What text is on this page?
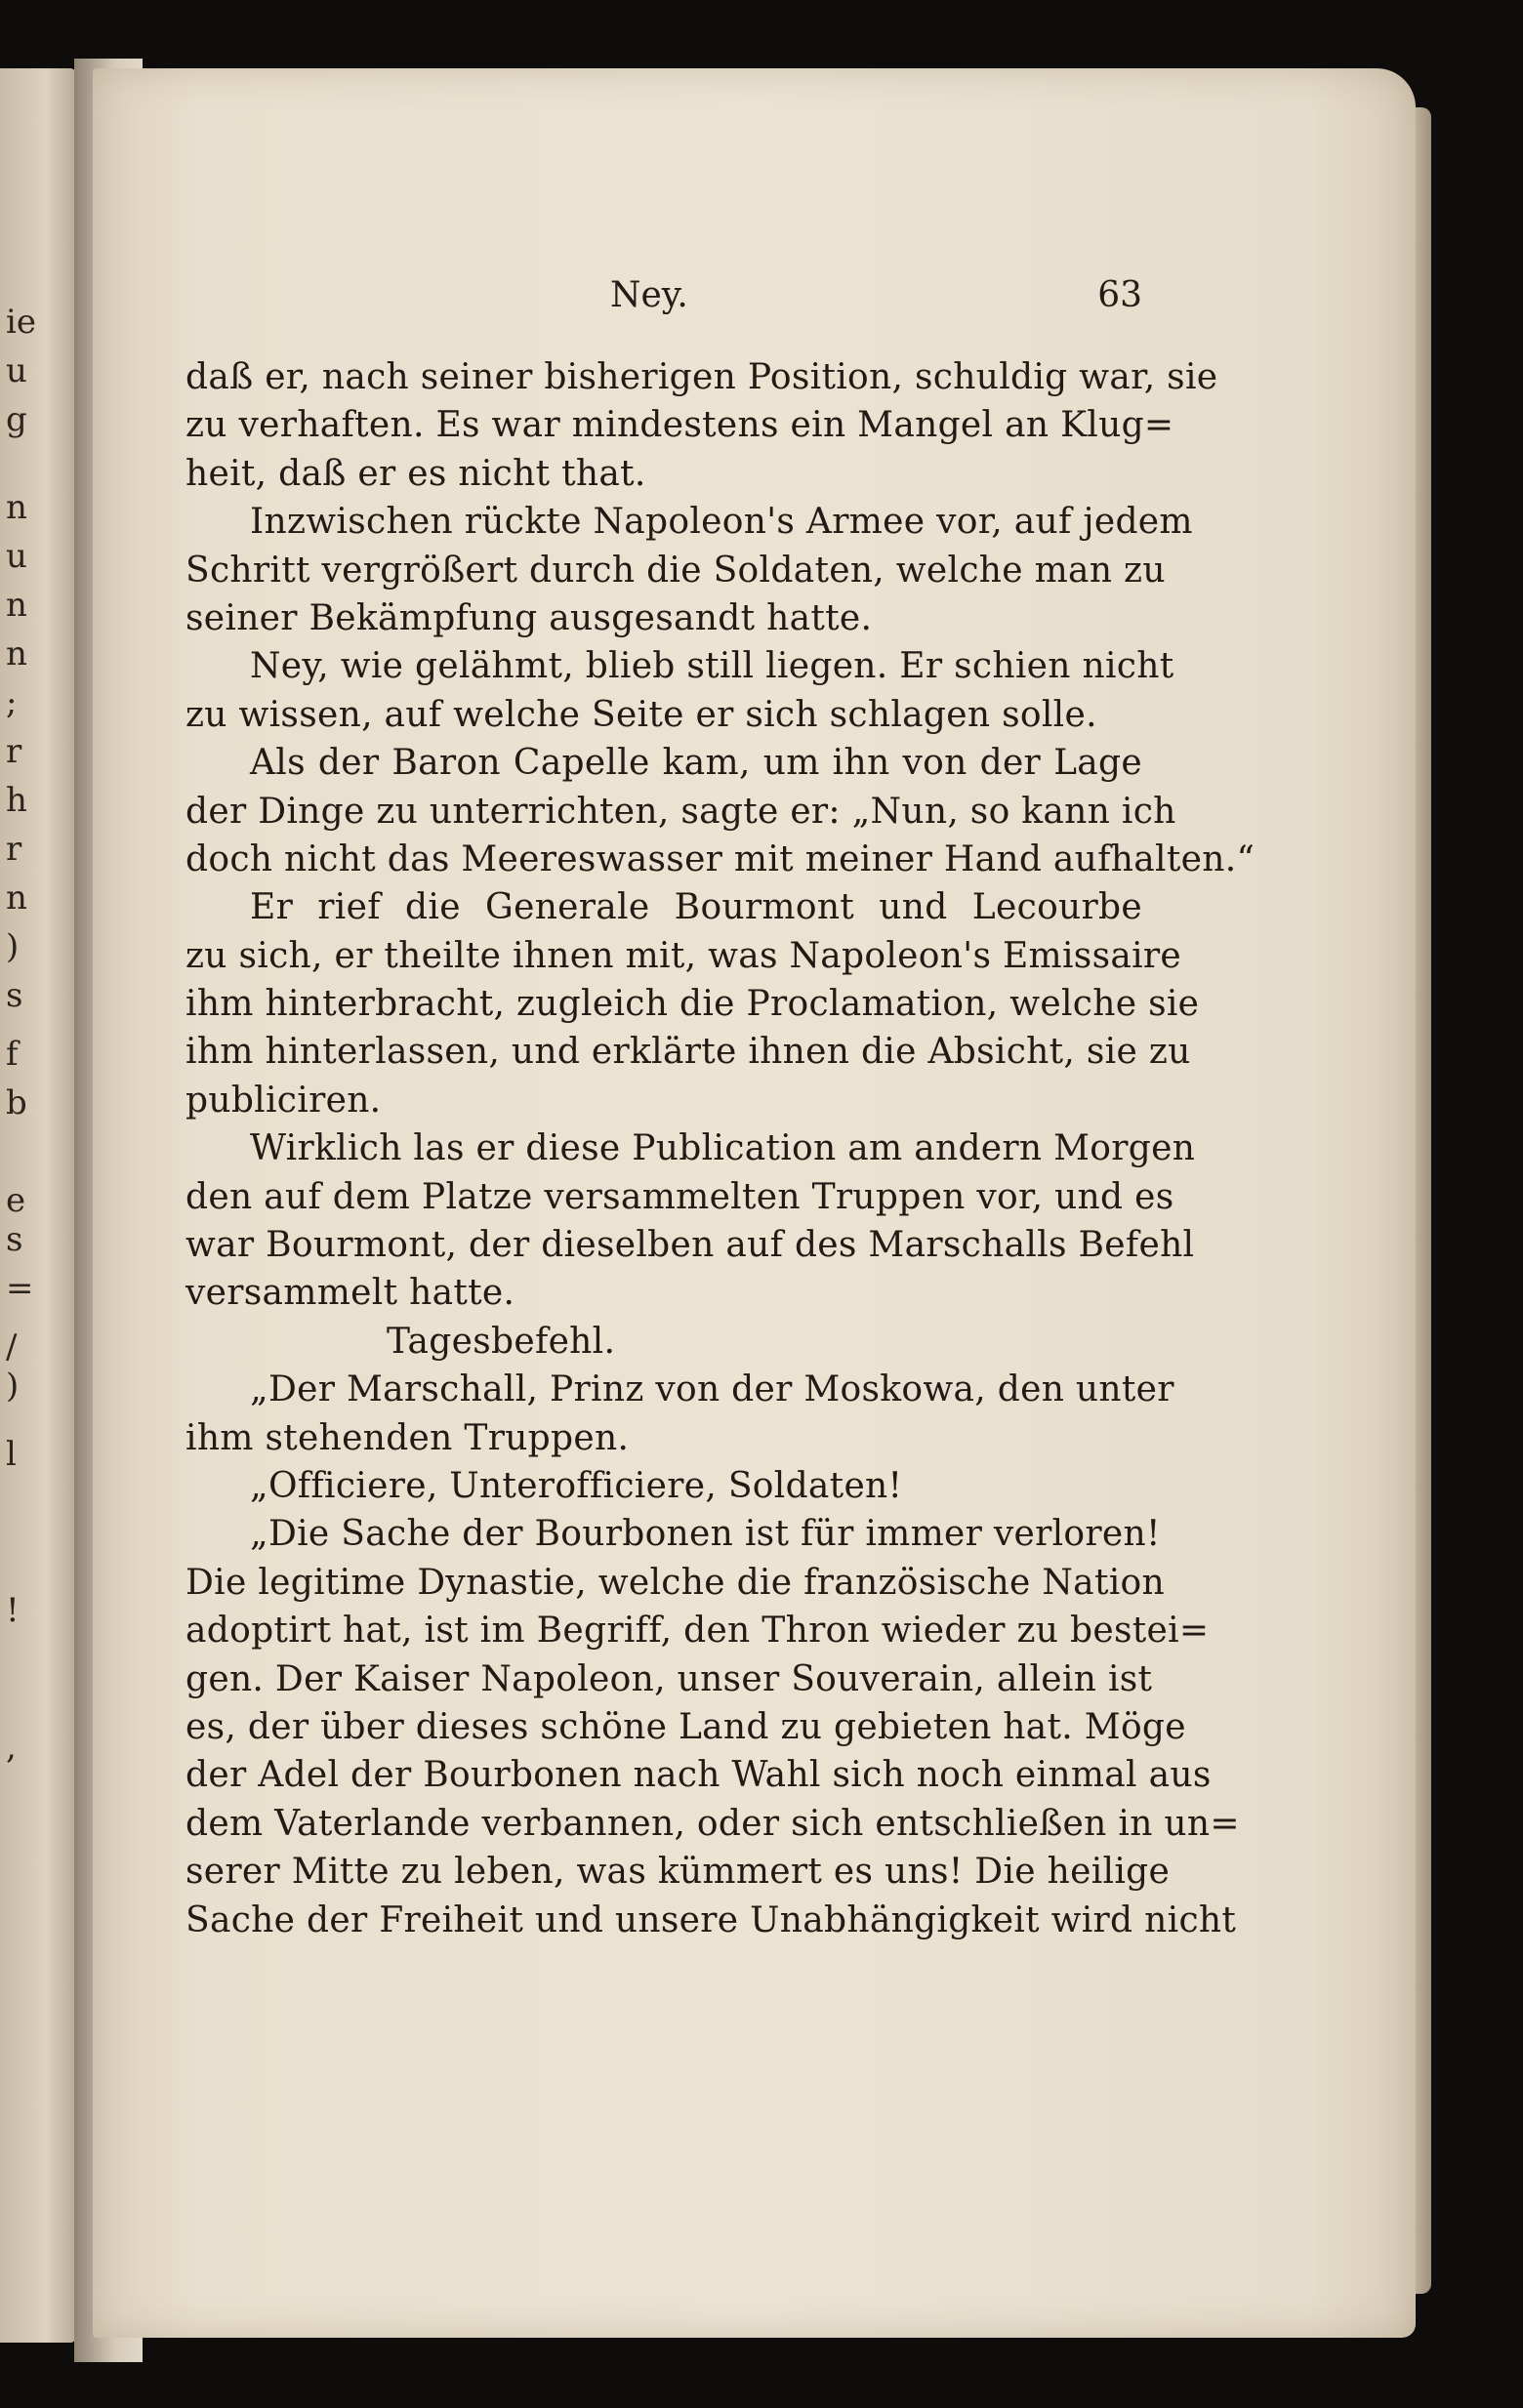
ie
u
g
n
u
n
n
;
r
h
r
n
)
s
f
b
e
s
=
/
)
l
!
,
Ney.	63
daß er, nach seiner bisherigen Position, schuldig war, sie
zu verhaften. Es war mindestens ein Mangel an Klug=
heit, daß er es nicht that.
Inzwischen rückte Napoleon's Armee vor, auf jedem
Schritt vergrößert durch die Soldaten, welche man zu
seiner Bekämpfung ausgesandt hatte.
Ney, wie gelähmt, blieb still liegen. Er schien nicht
zu wissen, auf welche Seite er sich schlagen solle.
Als der Baron Capelle kam, um ihn von der Lage
der Dinge zu unterrichten, sagte er: „Nun, so kann ich
doch nicht das Meereswasser mit meiner Hand aufhalten.“
Er rief die Generale Bourmont und Lecourbe
zu sich, er theilte ihnen mit, was Napoleon's Emissaire
ihm hinterbracht, zugleich die Proclamation, welche sie
ihm hinterlassen, und erklärte ihnen die Absicht, sie zu
publiciren.
Wirklich las er diese Publication am andern Morgen
den auf dem Platze versammelten Truppen vor, und es
war Bourmont, der dieselben auf des Marschalls Befehl
versammelt hatte.
Tagesbefehl.
„Der Marschall, Prinz von der Moskowa, den unter
ihm stehenden Truppen.
„Officiere, Unterofficiere, Soldaten!
„Die Sache der Bourbonen ist für immer verloren!
Die legitime Dynastie, welche die französische Nation
adoptirt hat, ist im Begriff, den Thron wieder zu bestei=
gen. Der Kaiser Napoleon, unser Souverain, allein ist
es, der über dieses schöne Land zu gebieten hat. Möge
der Adel der Bourbonen nach Wahl sich noch einmal aus
dem Vaterlande verbannen, oder sich entschließen in un=
serer Mitte zu leben, was kümmert es uns! Die heilige
Sache der Freiheit und unsere Unabhängigkeit wird nicht
